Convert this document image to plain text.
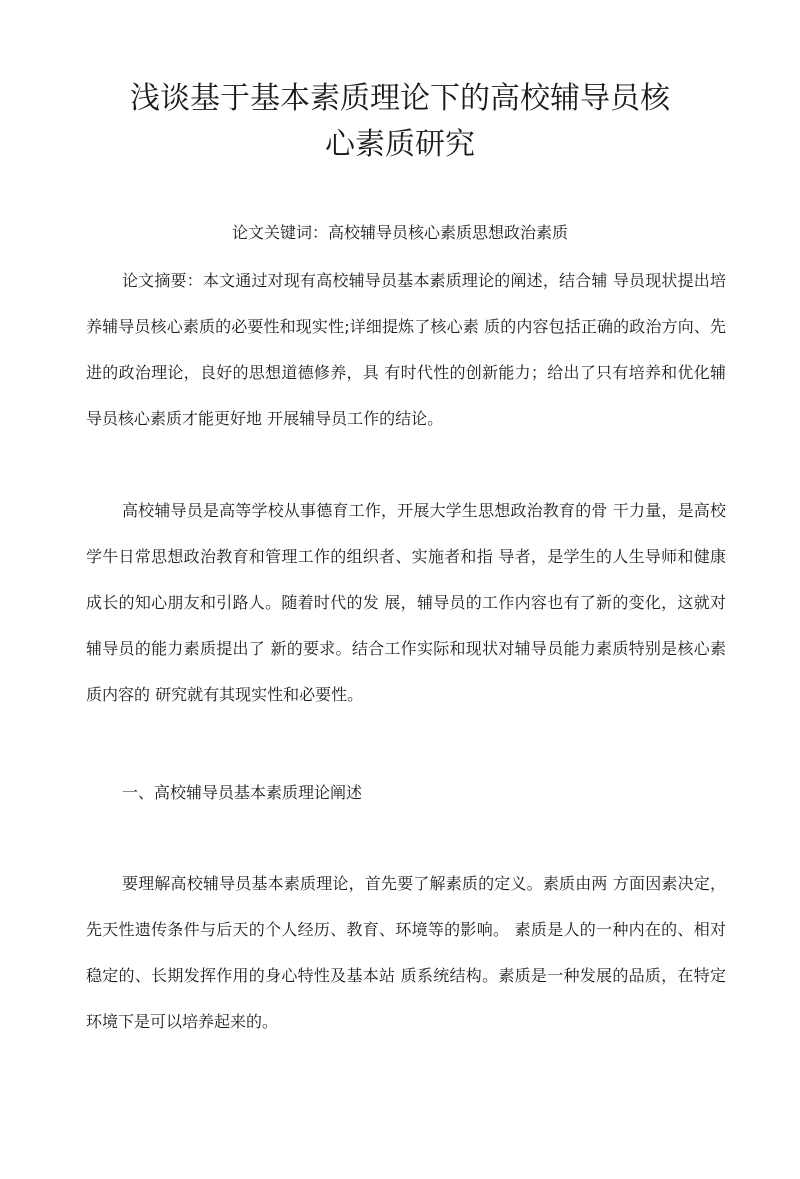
浅谈基于基本素质理论下的高校辅导员核
心素质研究
论文关键词：高校辅导员核心素质思想政治素质

论文摘要：本文通过对现有高校辅导员基本素质理论的阐述，结合辅 导员现状提出培养辅导员核心素质的必要性和现实性;详细提炼了核心素 质的内容包括正确的政治方向、先进的政治理论，良好的思想道德修养，具 有时代性的创新能力；给出了只有培养和优化辅导员核心素质才能更好地 开展辅导员工作的结论。

高校辅导员是高等学校从事德育工作，开展大学生思想政治教育的骨 干力量，是高校学牛日常思想政治教育和管理工作的组织者、实施者和指 导者，是学生的人生导师和健康成长的知心朋友和引路人。随着时代的发 展，辅导员的工作内容也有了新的变化，这就对辅导员的能力素质提出了 新的要求。结合工作实际和现状对辅导员能力素质特别是核心素质内容的 研究就有其现实性和必要性。

一、高校辅导员基本素质理论阐述

要理解高校辅导员基本素质理论，首先要了解素质的定义。素质由两 方面因素决定，先天性遗传条件与后天的个人经历、教育、环境等的影响。 素质是人的一种内在的、相对稳定的、长期发挥作用的身心特性及基本站 质系统结构。素质是一种发展的品质，在特定环境下是可以培养起来的。
